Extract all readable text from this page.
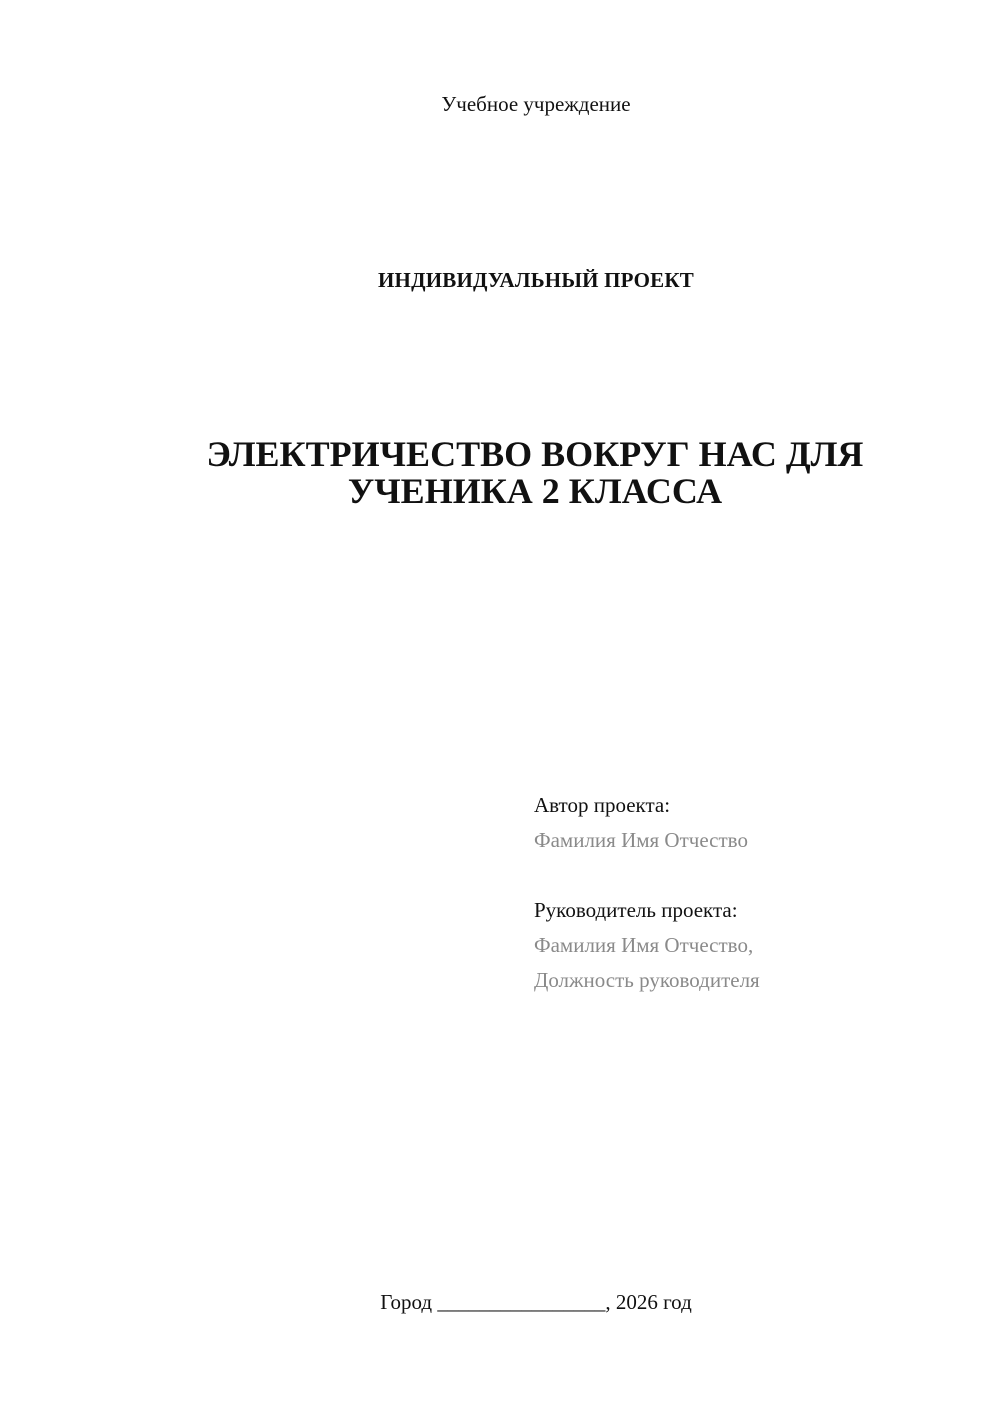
Учебное учреждение
ИНДИВИДУАЛЬНЫЙ ПРОЕКТ
ЭЛЕКТРИЧЕСТВО ВОКРУГ НАС ДЛЯ
УЧЕНИКА 2 КЛАССА
Автор проекта:
Фамилия Имя Отчество
Руководитель проекта:
Фамилия Имя Отчество,
Должность руководителя
Город ________________, 2026 год
